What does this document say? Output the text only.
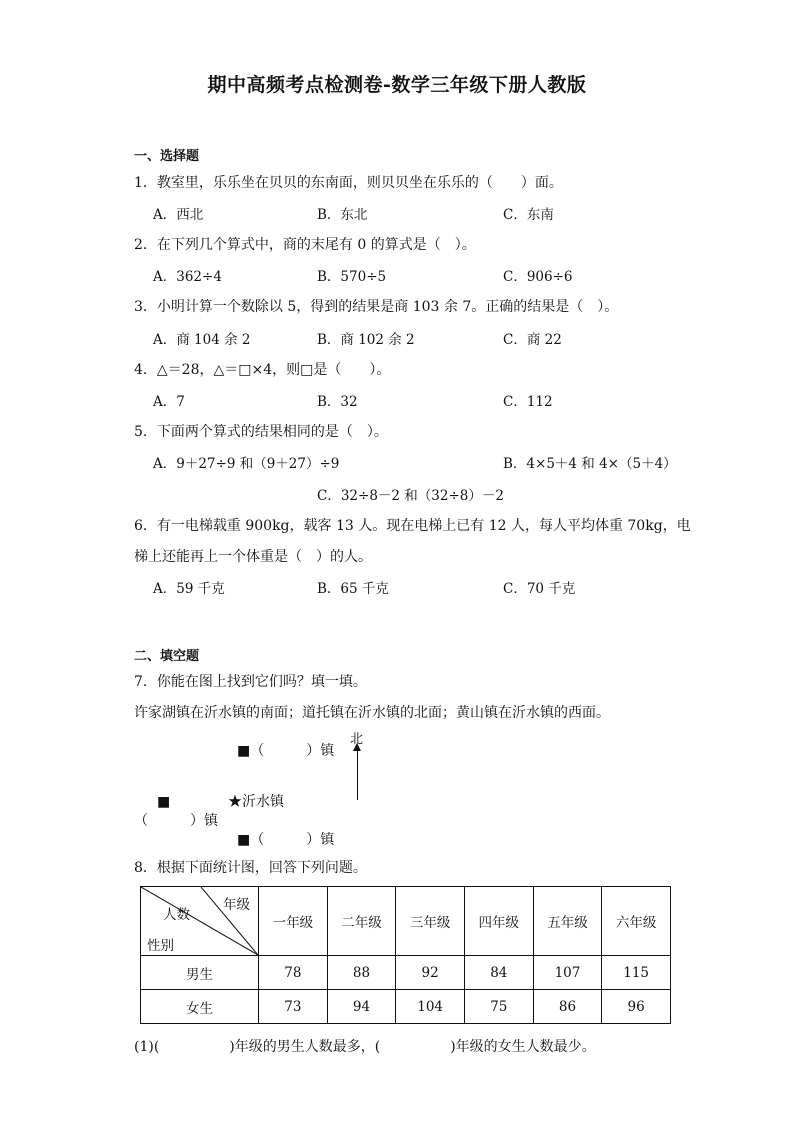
期中高频考点检测卷-数学三年级下册人教版
一、选择题
1．教室里，乐乐坐在贝贝的东南面，则贝贝坐在乐乐的（　　）面。
A．西北	B．东北	C．东南
2．在下列几个算式中，商的末尾有 0 的算式是（　）。
A．362÷4	B．570÷5	C．906÷6
3．小明计算一个数除以 5，得到的结果是商 103 余 7。正确的结果是（　）。
A．商 104 余 2	B．商 102 余 2	C．商 22
4．△＝28，△＝□×4，则□是（　　）。
A．7	B．32	C．112
5．下面两个算式的结果相同的是（　）。
A．9＋27÷9 和（9＋27）÷9	B．4×5＋4 和 4×（5＋4）
C．32÷8－2 和（32÷8）－2
6．有一电梯载重 900kg，载客 13 人。现在电梯上已有 12 人，每人平均体重 70kg，电
梯上还能再上一个体重是（　）的人。
A．59 千克	B．65 千克	C．70 千克
二、填空题
7．你能在图上找到它们吗？填一填。
许家湖镇在沂水镇的南面；道托镇在沂水镇的北面；黄山镇在沂水镇的西面。
北
■（　　　）镇
■	★沂水镇
（　　　）镇
■（　　　）镇
8．根据下面统计图，回答下列问题。
年级
人数
性别	一年级	二年级	三年级	四年级	五年级	六年级
男生	78	88	92	84	107	115
女生	73	94	104	75	86	96
(1)(　　　　　)年级的男生人数最多，(　　　　　)年级的女生人数最少。
